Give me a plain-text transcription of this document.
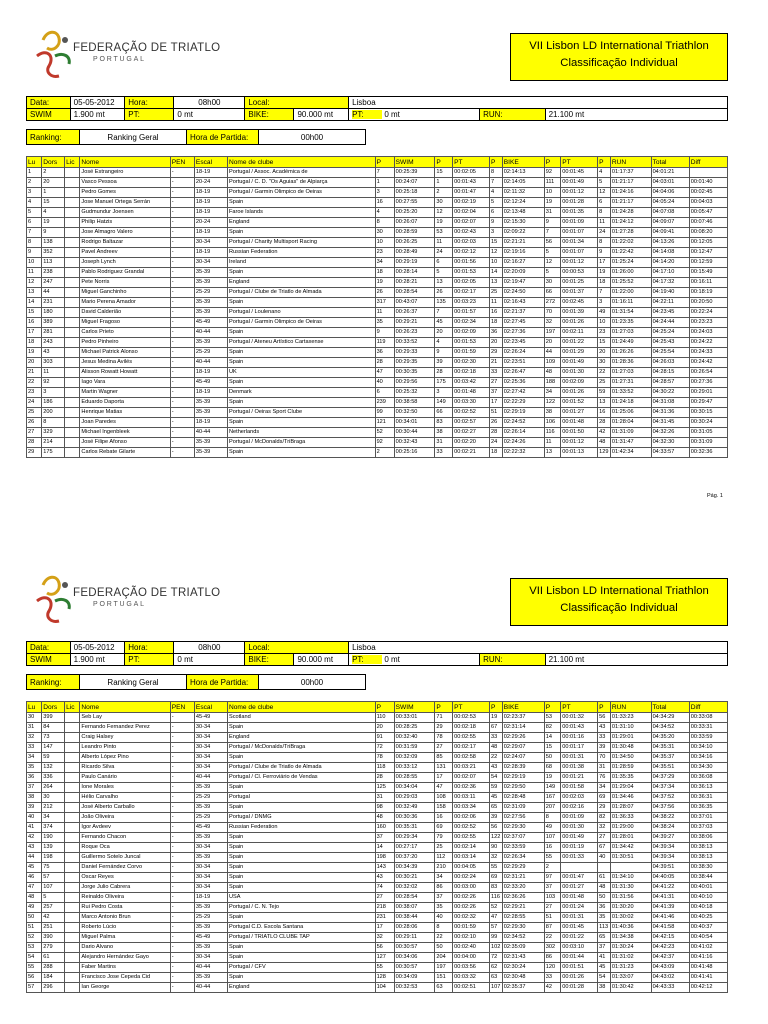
FEDERAÇÃO DE TRIATLO
PORTUGAL
VII Lisbon LD International Triathlon
Classificação Individual
Data:	05-05-2012	Hora:	08h00	Local:		Lisboa		
SWIM	1.900 mt	PT:	0 mt	BIKE:	90.000 mt	PT: 0 mt	RUN:	21.100 mt
Ranking:	Ranking Geral	Hora de Partida:	00h00
Lu	Dors	Lic	Nome	PEN	Escal	Nome de clube	P	SWIM	P	PT	P	BIKE	P	PT	P	RUN	Total	Diff
1	2		José Estrangeiro	-	18-19	Portugal / Assoc. Académica de	7	00:25:39	15	00:02:05	8	02:14:13	92	00:01:45	4	01:17:37	04:01:21	
2	20		Vasco Pessoa	-	20-24	Portugal / C. D. "Os Aguias" de Alpiarça	1	00:24:07	1	00:01:43	7	02:14:05	111	00:01:49	5	01:21:17	04:03:01	00:01:40
3	1		Pedro Gomes	-	18-19	Portugal / Garmin Olimpico de Oeiras	3	00:25:18	2	00:01:47	4	02:11:32	10	00:01:12	12	01:24:16	04:04:06	00:02:45
4	15		Jose Manuel Ortega Serrán	-	18-19	Spain	16	00:27:55	30	00:02:19	5	02:12:24	19	00:01:28	6	01:21:17	04:05:24	00:04:03
5	4		Gudmundur Joensen	-	18-19	Faroe Islands	4	00:25:20	12	00:02:04	6	02:13:48	31	00:01:35	8	01:24:28	04:07:08	00:05:47
6	19		Philip Hatzis	-	20-24	England	8	00:26:07	19	00:02:07	9	02:15:30	9	00:01:09	11	01:24:12	04:09:07	00:07:46
7	9		Jose Almagro Valero	-	18-19	Spain	30	00:28:59	53	00:02:43	3	02:09:22	7	00:01:07	24	01:27:28	04:09:41	00:08:20
8	138		Rodrigo Baltazar	-	30-34	Portugal / Charity Multisport Racing	10	00:26:25	11	00:02:03	15	02:21:21	56	00:01:34	8	01:22:02	04:13:26	00:12:05
9	352		Pavel Andreev	-	18-19	Russian Federation	23	00:28:49	24	00:02:12	12	02:19:16	5	00:01:07	9	01:22:42	04:14:08	00:12:47
10	113		Joseph Lynch	-	30-34	Ireland	34	00:29:19	6	00:01:56	10	02:16:27	12	00:01:12	17	01:25:24	04:14:20	00:12:59
11	238		Pablo Rodriguez Grandal	-	35-39	Spain	18	00:28:14	5	00:01:53	14	02:20:09	5	00:00:53	19	01:26:00	04:17:10	00:15:49
12	247		Pete Norris	-	35-39	England	19	00:28:21	13	00:02:05	13	02:19:47	30	00:01:25	18	01:25:52	04:17:32	00:16:11
13	44		Miguel Ganchinho	-	25-29	Portugal / Clube de Triatlo de Almada	26	00:28:54	26	00:02:17	25	02:24:50	66	00:01:37	7	01:22:00	04:19:40	00:18:19
14	231		Mario Perena Amador	-	35-39	Spain	317	00:43:07	135	00:03:23	11	02:16:43	272	00:02:45	3	01:16:11	04:22:11	00:20:50
15	180		David Calderião	-	35-39	Portugal / Loulenano	11	00:26:37	7	00:01:57	16	02:21:37	70	00:01:39	49	01:31:54	04:23:45	00:22:24
16	389		Miguel Fragoso	-	45-49	Portugal / Garmin Olimpico de Oeiras	35	00:29:21	45	00:02:34	18	02:27:45	32	00:01:26	10	01:23:35	04:24:44	00:23:23
17	281		Carlos Prieto	-	40-44	Spain	9	00:26:23	20	00:02:09	36	02:27:36	197	00:02:11	23	01:27:03	04:25:24	00:24:03
18	243		Pedro Pinheiro	-	35-39	Portugal / Ateneu Artístico Cartaxense	119	00:33:52	4	00:01:53	20	02:23:45	20	00:01:22	15	01:24:49	04:25:43	00:24:22
19	43		Michael Patrick Alonso	-	25-29	Spain	36	00:29:33	9	00:01:59	29	02:26:24	44	00:01:29	20	01:26:26	04:25:54	00:24:33
20	303		Jesus Medina Avilés	-	40-44	Spain	28	00:29:35	39	00:02:30	21	02:23:51	109	00:01:49	30	01:28:36	04:26:03	00:24:42
21	11		Alisson Rowatt Howatt	-	18-19	UK	47	00:30:35	28	00:02:18	33	02:26:47	48	00:01:30	22	01:27:03	04:28:15	00:26:54
22	92		Iago Vara	-	45-49	Spain	40	00:29:56	175	00:03:42	27	02:25:36	188	00:02:09	25	01:27:31	04:28:57	00:27:36
23	3		Martin Wagner	-	18-19	Denmark	6	00:25:32	3	00:01:48	37	02:27:42	34	00:01:26	59	01:33:52	04:30:22	00:29:01
24	186		Eduardo Daporta	-	35-39	Spain	239	00:38:58	149	00:03:30	17	02:22:29	122	00:01:52	13	01:24:18	04:31:08	00:29:47
25	200		Henrique Matias	-	35-39	Portugal / Oeiras Sport Clube	99	00:32:50	66	00:02:52	51	02:29:19	38	00:01:27	16	01:25:06	04:31:36	00:30:15
26	8		Joan Paredes	-	18-19	Spain	121	00:34:01	83	00:02:57	26	02:24:52	106	00:01:48	28	01:28:04	04:31:45	00:30:24
27	329		Michael Ingenbleek	-	40-44	Netherlands	52	00:30:44	38	00:02:27	28	02:26:14	116	00:01:50	42	01:31:09	04:32:26	00:31:05
28	214		José Filipe Afonso	-	35-39	Portugal / McDonalds/TriBraga	92	00:32:43	31	00:02:20	24	02:24:26	11	00:01:12	48	01:31:47	04:32:30	00:31:09
29	175		Carlos Rebate Gilarte	-	35-39	Spain	2	00:25:16	33	00:02:21	18	02:22:32	13	00:01:13	129	01:42:34	04:33:57	00:32:36
Pág. 1
FEDERAÇÃO DE TRIATLO
PORTUGAL
VII Lisbon LD International Triathlon
Classificação Individual
Data:	05-05-2012	Hora:	08h00	Local:		Lisboa		
SWIM	1.900 mt	PT:	0 mt	BIKE:	90.000 mt	PT: 0 mt	RUN:	21.100 mt
Ranking:	Ranking Geral	Hora de Partida:	00h00
Lu	Dors	Lic	Nome	PEN	Escal	Nome de clube	P	SWIM	P	PT	P	BIKE	P	PT	P	RUN	Total	Diff
30	399		Seb Lay	-	45-49	Scotland	110	00:33:01	71	00:02:53	19	02:23:37	53	00:01:32	56	01:33:23	04:34:29	00:33:08
31	84		Fernando Fernandez Perez	-	30-34	Spain	20	00:28:25	29	00:02:18	67	02:31:14	82	00:01:43	43	01:31:10	04:34:52	00:33:31
32	73		Craig Halsey	-	30-34	England	91	00:32:40	78	00:02:55	33	02:29:26	14	00:01:16	33	01:29:01	04:35:20	00:33:59
33	147		Leandro Pinto	-	30-34	Portugal / McDonalds/TriBraga	72	00:31:59	27	00:02:17	48	02:29:07	15	00:01:17	39	01:30:48	04:35:31	00:34:10
34	59		Alberto López Pino	-	30-34	Spain	78	00:32:09	85	00:02:58	22	02:24:07	50	00:01:31	70	01:34:50	04:35:37	00:34:16
35	132		Ricardo Silva	-	30-34	Portugal / Clube de Triatlo de Almada	118	00:33:12	131	00:03:21	43	02:28:39	68	00:01:38	31	01:28:59	04:35:51	00:34:30
36	336		Paulo Canário	-	40-44	Portugal / Cl. Ferroviário de Vendas	28	00:28:55	17	00:02:07	54	02:29:19	19	00:01:21	76	01:35:35	04:37:29	00:36:08
37	264		Ione Morales	-	35-39	Spain	125	00:34:04	47	00:02:36	59	02:29:50	149	00:01:58	34	01:29:04	04:37:34	00:36:13
38	30		Hélio Carvalho	-	25-29	Portugal	31	00:29:03	108	00:03:11	45	02:28:48	167	00:02:03	69	01:34:46	04:37:52	00:36:31
39	212		José Alberto Carballo	-	35-39	Spain	98	00:32:49	158	00:03:34	65	02:31:09	207	00:02:16	29	01:28:07	04:37:56	00:36:35
40	34		João Oliveira	-	25-29	Portugal / DNMG	48	00:30:36	16	00:02:06	39	02:27:56	8	00:01:09	82	01:36:33	04:38:22	00:37:01
41	374		Igor Avdeev	-	45-49	Russian Federation	160	00:35:31	69	00:02:52	56	02:29:30	49	00:01:30	32	01:29:00	04:38:24	00:37:03
42	190		Fernando Chacon	-	35-39	Spain	37	00:29:34	79	00:02:55	122	02:37:07	107	00:01:49	27	01:28:01	04:39:27	00:38:06
43	139		Roque Oca	-	30-34	Spain	14	00:27:17	25	00:02:14	90	02:33:59	16	00:01:19	67	01:34:42	04:39:34	00:38:13
44	198		Guillermo Sotelo Juncal	-	35-39	Spain	198	00:37:20	112	00:03:14	32	02:26:34	55	00:01:33	40	01:30:51	04:39:34	00:38:13
45	75		Daniel Fernández Corvo	-	30-34	Spain	143	00:34:39	210	00:04:05	55	02:29:29	2				04:39:51	00:38:30
46	57		Oscar Reyes	-	30-34	Spain	43	00:30:21	34	00:02:24	69	02:31:21	97	00:01:47	61	01:34:10	04:40:05	00:38:44
47	107		Jorge Julio Cabrera	-	30-34	Spain	74	00:32:02	86	00:03:00	83	02:33:20	37	00:01:27	48	01:31:30	04:41:22	00:40:01
48	5		Reinaldo Oliveira	-	18-19	USA	27	00:28:54	37	00:02:26	116	02:36:26	103	00:01:48	50	01:31:56	04:41:31	00:40:10
49	257		Rui Pedro Costa	-	35-39	Portugal / C. N. Tejo	218	00:38:07	35	00:02:26	52	02:29:21	27	00:01:24	36	01:30:20	04:41:39	00:40:18
50	42		Marco Antonio Brun	-	25-29	Spain	231	00:38:44	40	00:02:32	47	02:28:55	51	00:01:31	35	01:30:02	04:41:46	00:40:25
51	251		Roberto Lúcio	-	35-39	Portugal C.D. Escola Santana	17	00:28:06	8	00:01:59	57	02:29:30	87	00:01:45	113	01:40:36	04:41:58	00:40:37
52	390		Miguel Palma	-	45-49	Portugal / TRIATLO CLUBE TAP	32	00:29:11	22	00:02:10	99	02:34:52	22	00:01:22	65	01:34:38	04:42:15	00:40:54
53	279		Dario Alvano	-	35-39	Spain	56	00:30:57	50	00:02:40	102	02:35:09	302	00:03:10	37	01:30:24	04:42:23	00:41:02
54	61		Alejandro Hernández Gayo	-	30-34	Spain	127	00:34:06	204	00:04:00	72	02:31:43	86	00:01:44	41	01:31:02	04:42:37	00:41:16
55	288		Faber Martins	-	40-44	Portugal / CFV	55	00:30:57	197	00:03:56	62	02:30:24	120	00:01:51	45	01:31:23	04:43:09	00:41:48
56	184		Francisco Jose Cepeda Cid	-	35-39	Spain	128	00:34:09	151	00:03:32	63	02:30:48	33	00:01:26	54	01:33:07	04:43:02	00:41:41
57	296		Ian George	-	40-44	England	104	00:32:53	63	00:02:51	107	02:35:37	42	00:01:28	38	01:30:42	04:43:33	00:42:12
